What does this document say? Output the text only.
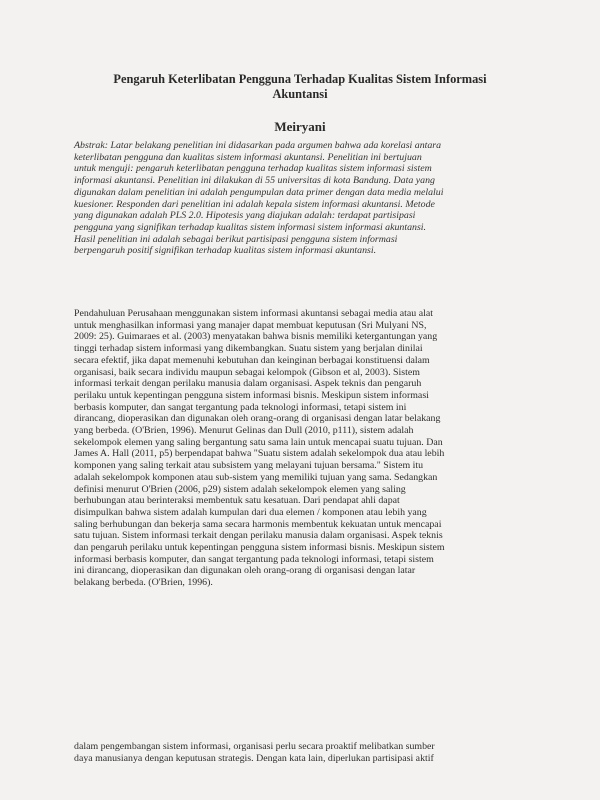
Pengaruh Keterlibatan Pengguna Terhadap Kualitas Sistem Informasi
Akuntansi
Meiryani
Abstrak: Latar belakang penelitian ini didasarkan pada argumen bahwa ada korelasi antara
keterlibatan pengguna dan kualitas sistem informasi akuntansi. Penelitian ini bertujuan
untuk menguji: pengaruh keterlibatan pengguna terhadap kualitas sistem informasi sistem
informasi akuntansi. Penelitian ini dilakukan di 55 universitas di kota Bandung. Data yang
digunakan dalam penelitian ini adalah pengumpulan data primer dengan data media melalui
kuesioner. Responden dari penelitian ini adalah kepala sistem informasi akuntansi. Metode
yang digunakan adalah PLS 2.0. Hipotesis yang diajukan adalah: terdapat partisipasi
pengguna yang signifikan terhadap kualitas sistem informasi sistem informasi akuntansi.
Hasil penelitian ini adalah sebagai berikut partisipasi pengguna sistem informasi
berpengaruh positif signifikan terhadap kualitas sistem informasi akuntansi.
Pendahuluan Perusahaan menggunakan sistem informasi akuntansi sebagai media atau alat
untuk menghasilkan informasi yang manajer dapat membuat keputusan (Sri Mulyani NS,
2009: 25). Guimaraes et al. (2003) menyatakan bahwa bisnis memiliki ketergantungan yang
tinggi terhadap sistem informasi yang dikembangkan. Suatu sistem yang berjalan dinilai
secara efektif, jika dapat memenuhi kebutuhan dan keinginan berbagai konstituensi dalam
organisasi, baik secara individu maupun sebagai kelompok (Gibson et al, 2003). Sistem
informasi terkait dengan perilaku manusia dalam organisasi. Aspek teknis dan pengaruh
perilaku untuk kepentingan pengguna sistem informasi bisnis. Meskipun sistem informasi
berbasis komputer, dan sangat tergantung pada teknologi informasi, tetapi sistem ini
dirancang, dioperasikan dan digunakan oleh orang-orang di organisasi dengan latar belakang
yang berbeda. (O'Brien, 1996). Menurut Gelinas dan Dull (2010, p111), sistem adalah
sekelompok elemen yang saling bergantung satu sama lain untuk mencapai suatu tujuan. Dan
James A. Hall (2011, p5) berpendapat bahwa "Suatu sistem adalah sekelompok dua atau lebih
komponen yang saling terkait atau subsistem yang melayani tujuan bersama." Sistem itu
adalah sekelompok komponen atau sub-sistem yang memiliki tujuan yang sama. Sedangkan
definisi menurut O'Brien (2006, p29) sistem adalah sekelompok elemen yang saling
berhubungan atau berinteraksi membentuk satu kesatuan. Dari pendapat ahli dapat
disimpulkan bahwa sistem adalah kumpulan dari dua elemen / komponen atau lebih yang
saling berhubungan dan bekerja sama secara harmonis membentuk kekuatan untuk mencapai
satu tujuan. Sistem informasi terkait dengan perilaku manusia dalam organisasi. Aspek teknis
dan pengaruh perilaku untuk kepentingan pengguna sistem informasi bisnis. Meskipun sistem
informasi berbasis komputer, dan sangat tergantung pada teknologi informasi, tetapi sistem
ini dirancang, dioperasikan dan digunakan oleh orang-orang di organisasi dengan latar
belakang berbeda. (O'Brien, 1996).
dalam pengembangan sistem informasi, organisasi perlu secara proaktif melibatkan sumber
daya manusianya dengan keputusan strategis. Dengan kata lain, diperlukan partisipasi aktif
